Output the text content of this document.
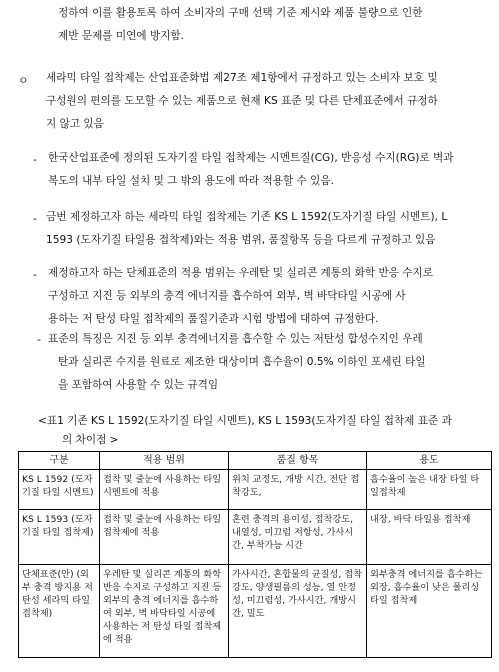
정하여 이를 활용토록 하여 소비자의 구매 선택 기준 제시와 제품 불량으로 인한
제반 문제를 미연에 방지함.
ㅇ 세라믹 타일 접착제는 산업표준화법 제27조 제1항에서 규정하고 있는 소비자 보호 및
구성원의 편의를 도모할 수 있는 제품으로 현재 KS 표준 및 다른 단체표준에서 규정하
지 않고 있음
- 한국산업표준에 정의된 도자기질 타일 접착제는 시멘트질(CG), 반응성 수지(RG)로 벽과
복도의 내부 타일 설치 및 그 밖의 용도에 따라 적용할 수 있음.
- 금번 제정하고자 하는 세라믹 타일 접착제는 기존 KS L 1592(도자기질 타일 시멘트), L
1593 (도자기질 타일용 접착제)와는 적용 범위, 품질항목 등을 다르게 규정하고 있음
- 제정하고자 하는 단체표준의 적용 범위는 우레탄 및 실리콘 계통의 화학 반응 수지로
구성하고 지진 등 외부의 충격 에너지를 흡수하여 외부, 벽 바닥타일 시공에 사
용하는 저 탄성 타일 접착제의 품질기준과 시험 방법에 대하여 규정한다.
- 표준의 특징은 지진 등 외부 충격에너지를 흡수할 수 있는 저탄성 합성수지인 우레
탄과 실리콘 수지를 원료로 제조한 대상이며 흡수율이 0.5% 이하인 포세린 타일
을 포함하여 사용할 수 있는 규격임
<표1 기존 KS L 1592(도자기질 타일 시멘트), KS L 1593(도자기질 타일 접착제 표준 과
의 차이점 >
구분	적용 범위	품질 항목	용도
KS L 1592 (도자기질 타일 시멘트)	접착 및 줄눈에 사용하는 타일 시멘트에 적용	위치 교정도, 개방 시간, 전단 접착강도,	흡수율이 높은 내장 타일 타일접착제
KS L 1593 (도자기질 타일 접착제)	접착 및 줄눈에 사용하는 타일 접착제에 적용	혼련 충격의 용이성, 접착강도, 내열성, 미끄럼 저항성, 가사시간, 부착가능 시간	내장, 바닥 타일용 접착제
단체표준(안) (외부 충격 방지용 저탄성 세라믹 타일 접착제)	우레탄 및 실리콘 계통의 화학 반응 수지로 구성하고 지진 등 외부의 충격 에너지를 흡수하여 외부, 벽 바닥타일 시공에 사용하는 저 탄성 타일 접착제에 적용	가사시간, 혼합물의 균질성, 접착강도, 양생필름의 성능, 열 안정성, 미끄럼성, 가사시간, 개방시간, 밀도	외부충격 에너지를 흡수하는 외장, 흡수율이 낮은 폴리싱 타일 접착제
